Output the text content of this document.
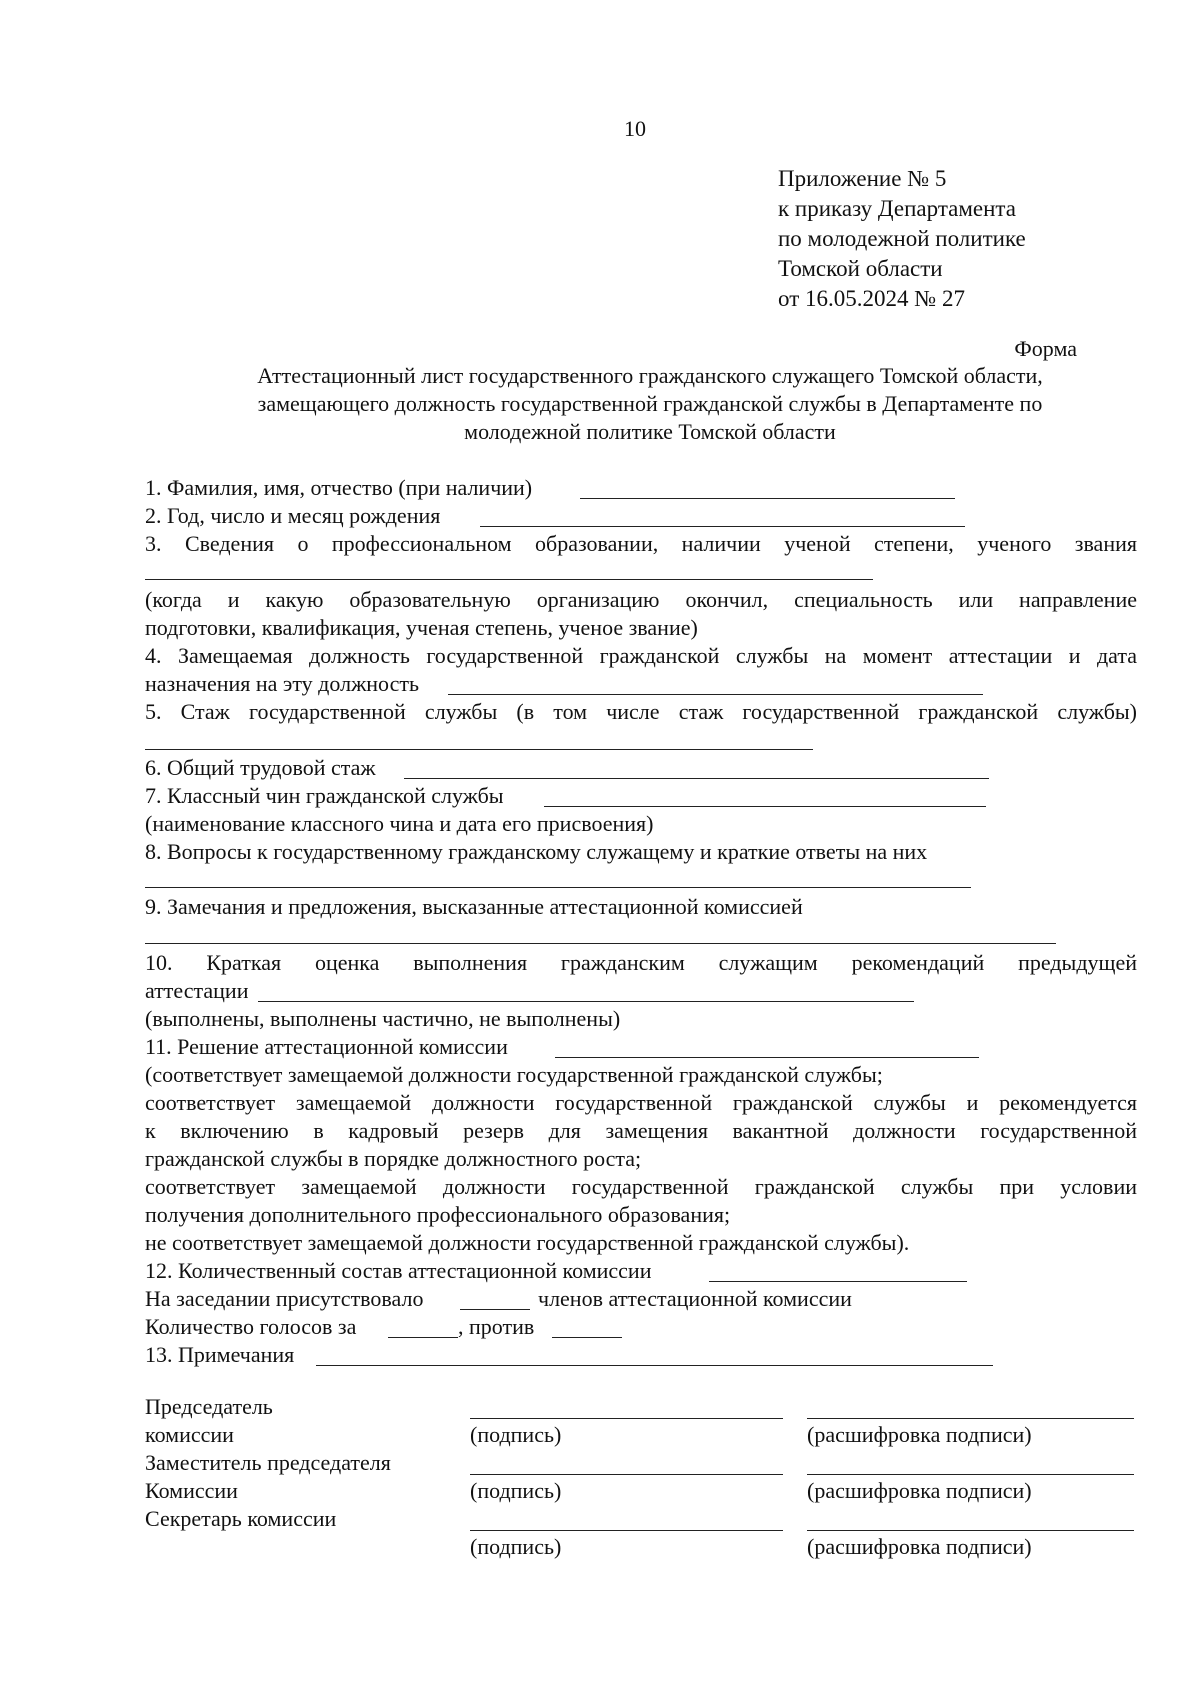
10
Приложение № 5
к приказу Департамента
по молодежной политике
Томской области
от 16.05.2024 № 27
Форма
Аттестационный лист государственного гражданского служащего Томской области,
замещающего должность государственной гражданской службы в Департаменте по
молодежной политике Томской области
1. Фамилия, имя, отчество (при наличии)
2. Год, число и месяц рождения
3. Сведения о профессиональном образовании, наличии ученой степени, ученого звания
(когда и какую образовательную организацию окончил, специальность или направление
подготовки, квалификация, ученая степень, ученое звание)
4. Замещаемая должность государственной гражданской службы на момент аттестации и дата
назначения на эту должность
5. Стаж государственной службы (в том числе стаж государственной гражданской службы)
6. Общий трудовой стаж
7. Классный чин гражданской службы
(наименование классного чина и дата его присвоения)
8. Вопросы к государственному гражданскому служащему и краткие ответы на них
9. Замечания и предложения, высказанные аттестационной комиссией
10. Краткая оценка выполнения гражданским служащим рекомендаций предыдущей
аттестации
(выполнены, выполнены частично, не выполнены)
11. Решение аттестационной комиссии
(соответствует замещаемой должности государственной гражданской службы;
соответствует замещаемой должности государственной гражданской службы и рекомендуется
к включению в кадровый резерв для замещения вакантной должности государственной
гражданской службы в порядке должностного роста;
соответствует замещаемой должности государственной гражданской службы при условии
получения дополнительного профессионального образования;
не соответствует замещаемой должности государственной гражданской службы).
12. Количественный состав аттестационной комиссии
На заседании присутствовало	членов аттестационной комиссии
Количество голосов за	, против
13. Примечания
Председатель
комиссии	(подпись)	(расшифровка подписи)
Заместитель председателя
Комиссии	(подпись)	(расшифровка подписи)
Секретарь комиссии
(подпись)	(расшифровка подписи)
